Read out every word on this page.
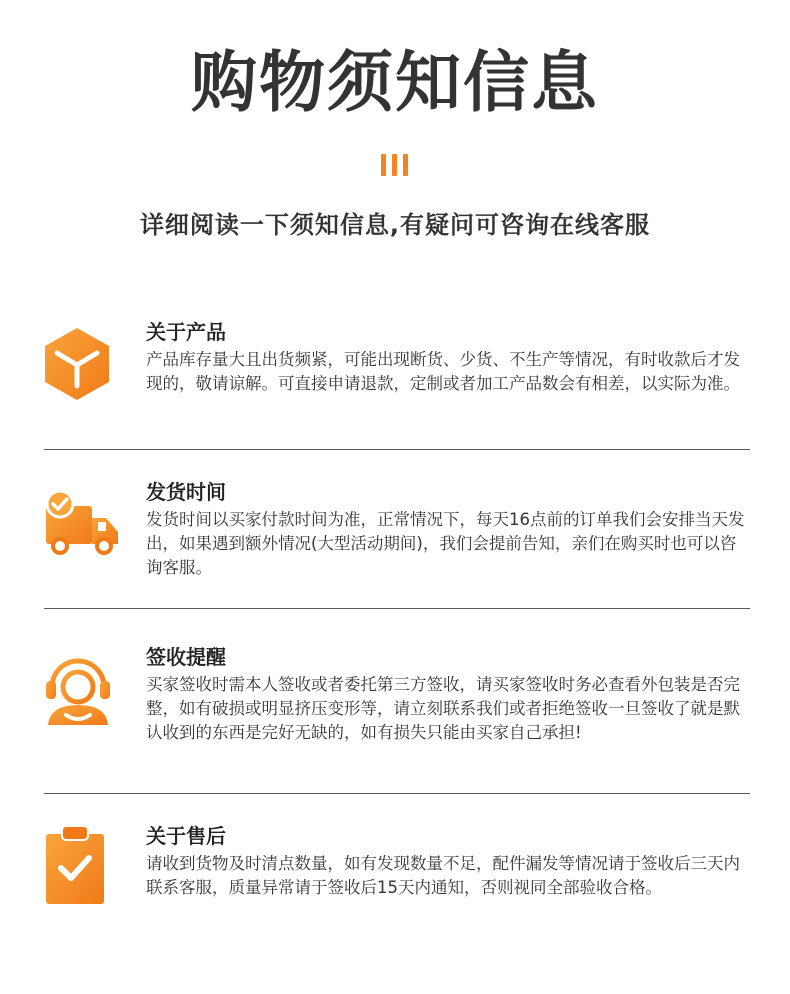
购物须知信息
详细阅读一下须知信息,有疑问可咨询在线客服
关于产品
产品库存量大且出货频紧，可能出现断货、少货、不生产等情况，有时收款后才发现的，敬请谅解。可直接申请退款，定制或者加工产品数会有相差，以实际为准。
发货时间
发货时间以买家付款时间为准，正常情况下，每天16点前的订单我们会安排当天发出，如果遇到额外情况(大型活动期间)，我们会提前告知，亲们在购买时也可以咨询客服。
签收提醒
买家签收时需本人签收或者委托第三方签收，请买家签收时务必查看外包装是否完整，如有破损或明显挤压变形等，请立刻联系我们或者拒绝签收一旦签收了就是默认收到的东西是完好无缺的，如有损失只能由买家自己承担!
关于售后
请收到货物及时清点数量，如有发现数量不足，配件漏发等情况请于签收后三天内联系客服，质量异常请于签收后15天内通知，否则视同全部验收合格。
